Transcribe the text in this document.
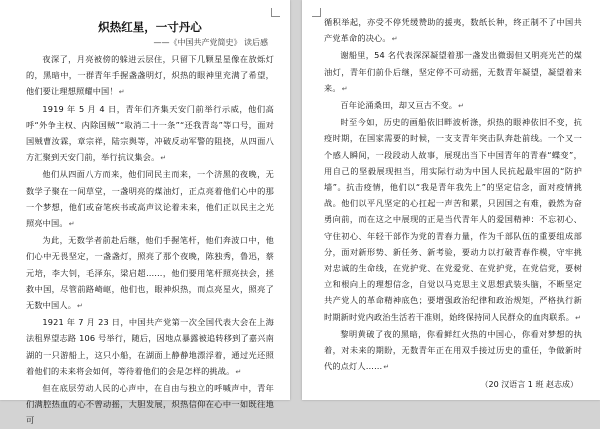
炽热红星，一寸丹心
——《中国共产党简史》 读后感

夜深了，月亮被傍的躲进云层住，只留下几颗星星像在放烁灯的，黑暗中，一群青年手握盏盏明灯，炽热的眼神里充满了希望，他们要让理想照耀中国！↵

1919 年 5 月 4 日，青年们齐集天安门前举行示威，他们高呼“外争主权、内除国贼”“取消二十一条”“还我青岛”等口号，面对国贼曹汝霖，章宗祥，陆宗舆等，冲破反动军警的阻挠，从四面八方汇聚到天安门前，举行抗议集会。↵

他们从四面八方而来，他们同民主而来，一个济黑的夜晚，无数学子聚在一间草堂，一盏明亮的煤油灯，正点亮着他们心中的那一个梦想，他们或奋笔疾书或高声议论着未来，他们正以民主之光照亮中国。↵

为此，无数学者前赴后继，他们手握笔杆，他们奔波口中，他们心中无畏坚定，一盏盏灯，照亮了那个夜晚，陈独秀，鲁迅，蔡元培，李大钊，毛泽东，梁启超……，他们要用笔杆照亮扶会，拯救中国，尽管前路崎岖，他们也，眼神炽热，而点亮星火，照亮了无数中国人。↵

1921 年 7 月 23 日，中国共产党第一次全国代表大会在上海法租界望志路 106 号举行，随后，因地点暴露被追转移到了嘉兴南湖的一只游船上，这只小船，在湖面上静静地漂浮着，通过光还照着他们的未来将会如何，等待着他们的会是怎样的挑战。↵

但在底层劳动人民的心声中，在自由与独立的呼喊声中，青年们满腔热血的心不曾动摇，大胆发展，炽热信仰在心中一如既往地可

循积举起，亦受不停凭缓赞助的援夷，数纸长种，终正制不了中国共产党革命的决心。↵

谢船里，54 名代表深深凝望着那一盏发出微弱但又明亮光芒的煤油灯，青年们前仆后继，坚定停不可动摇，无数青年凝望，凝望着来来。↵

百年论涌桑田，却又亘古不变。↵

时至今如，历史的画船依旧畔波析涤，炽热的眼神依旧不变，抗疫时期，在国家需要的时候，一支支青年突击队奔赴前线。一个又一个感人瞬间，一段段动人故事，展现出当下中国青年的青春“蝶变”，用自己的坚毅展现担当，用实际行动为中国人民抗起最牢固的“防护墙”。抗击疫情，他们以“我是青年我先上”的坚定信念，面对疫情挑战。他们以平凡坚定的心扛起一声苦和累，只因国之有难，毅然为奋勇向前，而在这之中展现的正是当代青年人的爱国精神：不忘初心、守住初心、年轻干部作为党的青春力量，作为千部队伍的重要组成部分，面对新形势、新任务、新考验，要动力以打破青春作模，守牢挑对忠诚的生命线，在党护党、在党爱党、在党护党，在党信党，要树立和根向上的理想信念，自觉以马克思主义思想武装头脑，不断坚定共产党人的革命精神底色；要增强政治纪律和政治规矩，严格执行新时期新时党内政治生活若干准则，始终保持同人民群众的血肉联系。↵

黎明黄破了夜的黑暗，你看鲜红火热的中国心，你看对梦想的执着，对未来的期盼，无数青年正在用双手接过历史的重任，争做新时代的点灯人……↵

（20 汉语言 1 班 赵志成）
